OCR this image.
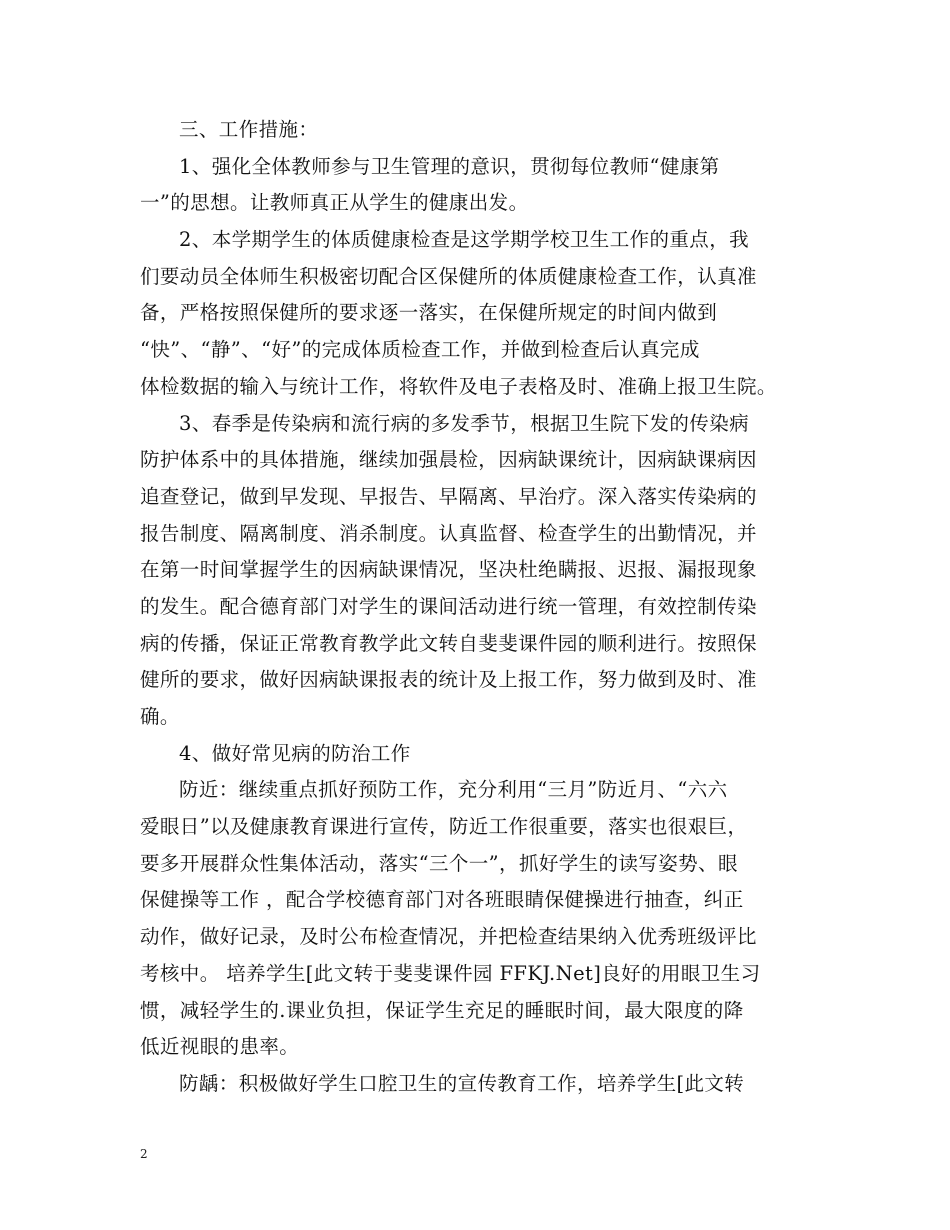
三、工作措施：
1、强化全体教师参与卫生管理的意识，贯彻每位教师“健康第
一”的思想。让教师真正从学生的健康出发。
2、本学期学生的体质健康检查是这学期学校卫生工作的重点，我
们要动员全体师生积极密切配合区保健所的体质健康检查工作，认真准
备，严格按照保健所的要求逐一落实，在保健所规定的时间内做到
“快”、“静”、“好”的完成体质检查工作，并做到检查后认真完成
体检数据的输入与统计工作，将软件及电子表格及时、准确上报卫生院。
3、春季是传染病和流行病的多发季节，根据卫生院下发的传染病
防护体系中的具体措施，继续加强晨检，因病缺课统计，因病缺课病因
追查登记，做到早发现、早报告、早隔离、早治疗。深入落实传染病的
报告制度、隔离制度、消杀制度。认真监督、检查学生的出勤情况，并
在第一时间掌握学生的因病缺课情况，坚决杜绝瞒报、迟报、漏报现象
的发生。配合德育部门对学生的课间活动进行统一管理，有效控制传染
病的传播，保证正常教育教学此文转自斐斐课件园的顺利进行。按照保
健所的要求，做好因病缺课报表的统计及上报工作，努力做到及时、准
确。
4、做好常见病的防治工作
防近：继续重点抓好预防工作，充分利用“三月”防近月、“六六
爱眼日”以及健康教育课进行宣传，防近工作很重要，落实也很艰巨，
要多开展群众性集体活动，落实“三个一”，抓好学生的读写姿势、眼
保健操等工作 ，配合学校德育部门对各班眼睛保健操进行抽查，纠正
动作，做好记录，及时公布检查情况，并把检查结果纳入优秀班级评比
考核中。 培养学生[此文转于斐斐课件园 FFKJ.Net]良好的用眼卫生习
惯，减轻学生的.课业负担，保证学生充足的睡眠时间，最大限度的降
低近视眼的患率。
防龋：积极做好学生口腔卫生的宣传教育工作，培养学生[此文转
2
